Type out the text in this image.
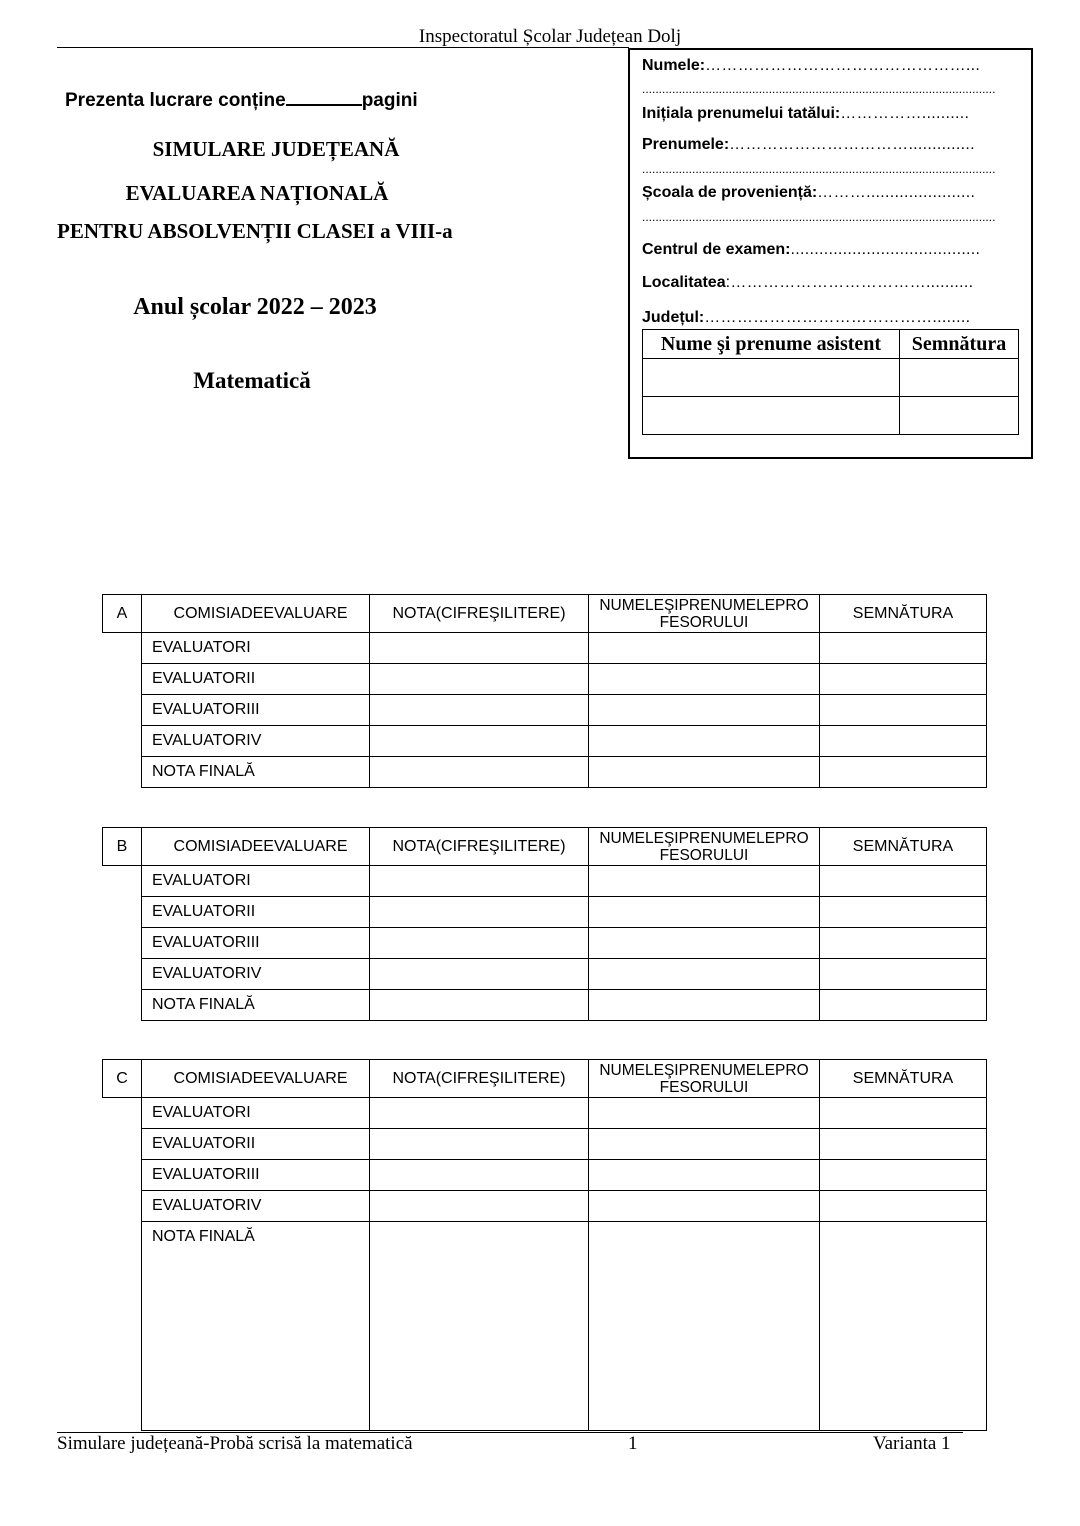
Inspectoratul Școlar Județean Dolj
Prezenta lucrare conține	pagini
SIMULARE JUDEȚEANĂ
EVALUAREA NAȚIONALĂ
PENTRU ABSOLVENȚII CLASEI a VIII-a
Anul școlar 2022 – 2023
Matematică
Numele:…………………………………………...
..........................................................................................................
Inițiala prenumelui tatălui:……………..........
Prenumele:……………………………..............
..........................................................................................................
Școala de proveniență:……….......................
..........................................................................................................
Centrul de examen:........................................
Localitatea:………………………………..........
Județul:……………………………………........
Nume şi prenume asistent	Semnătura

A	COMISIADEEVALUARE	NOTA(CIFREŞILITERE)	NUMELEŞIPRENUMELEPRO
FESORULUI	SEMNĂTURA
	EVALUATORI			
	EVALUATORII			
	EVALUATORIII			
	EVALUATORIV			
	NOTA FINALĂ			
B	COMISIADEEVALUARE	NOTA(CIFREŞILITERE)	NUMELEŞIPRENUMELEPRO
FESORULUI	SEMNĂTURA
	EVALUATORI			
	EVALUATORII			
	EVALUATORIII			
	EVALUATORIV			
	NOTA FINALĂ			
C	COMISIADEEVALUARE	NOTA(CIFREŞILITERE)	NUMELEŞIPRENUMELEPRO
FESORULUI	SEMNĂTURA
	EVALUATORI			
	EVALUATORII			
	EVALUATORIII			
	EVALUATORIV			
	NOTA FINALĂ			
Simulare județeană-Probă scrisă la matematică	1	Varianta 1
